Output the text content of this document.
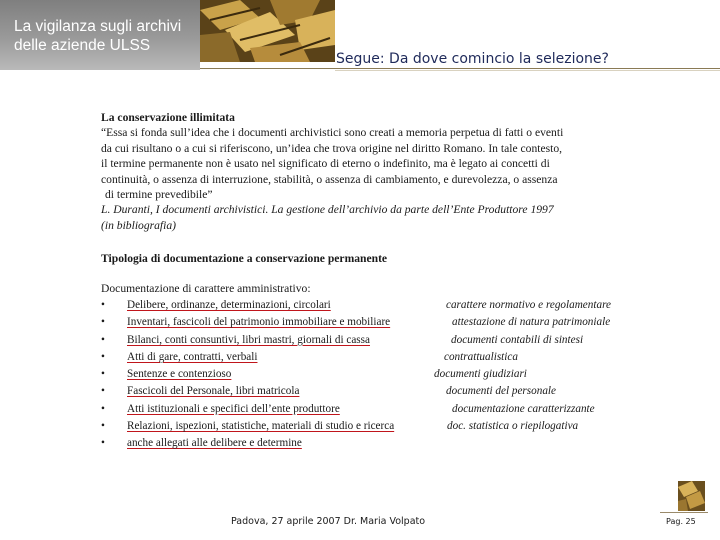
La vigilanza sugli archivi
delle aziende ULSS
Segue: Da dove comincio la selezione?

La conservazione illimitata

“Essa si fonda sull’idea che i documenti archivistici sono creati a memoria perpetua di fatti o eventi

da cui risultano o a cui si riferiscono, un’idea che trova origine nel diritto Romano. In tale contesto,

il termine permanente non è usato nel significato di eterno o indefinito, ma è legato ai concetti di

continuità, o assenza di interruzione, stabilità, o assenza di cambiamento, e durevolezza, o assenza

di termine prevedibile”

L. Duranti, I documenti archivistici. La gestione dell’archivio da parte dell’Ente Produttore 1997

(in bibliografia)

Tipologia di documentazione a conservazione permanente
Documentazione di carattere amministrativo:
• Delibere, ordinanze, determinazioni, circolari	carattere normativo e regolamentare
• Inventari, fascicoli del patrimonio immobiliare e mobiliare	attestazione di natura patrimoniale
• Bilanci, conti consuntivi, libri mastri, giornali di cassa	documenti contabili di sintesi
• Atti di gare, contratti, verbali	contrattualistica
• Sentenze e contenzioso	documenti giudiziari
• Fascicoli del Personale, libri matricola	documenti del personale
• Atti istituzionali e specifici dell’ente produttore	documentazione caratterizzante
• Relazioni, ispezioni, statistiche, materiali di studio e ricerca	doc. statistica o riepilogativa
• anche allegati alle delibere e determine
Padova, 27 aprile 2007 Dr. Maria Volpato	Pag. 25
